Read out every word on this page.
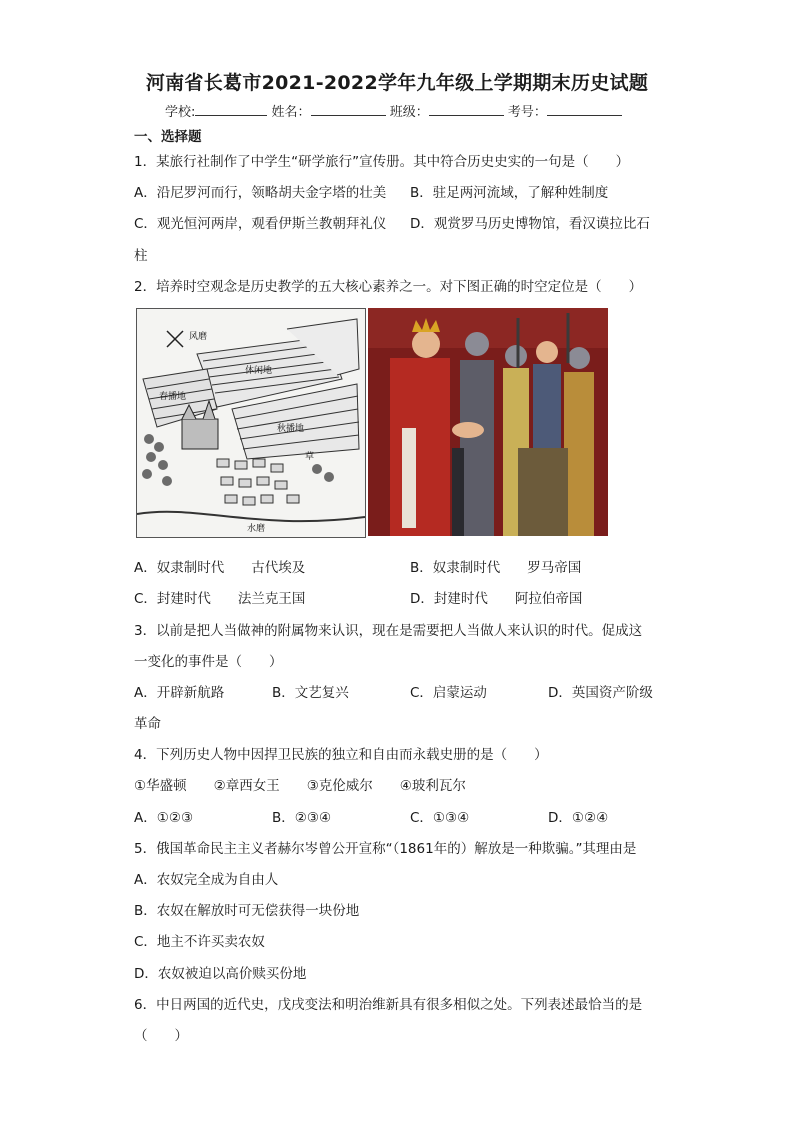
河南省长葛市2021-2022学年九年级上学期期末历史试题
学校:	姓名：	班级：	考号：
一、选择题
1．某旅行社制作了中学生“研学旅行”宣传册。其中符合历史史实的一句是（　　）
A．沿尼罗河而行，领略胡夫金字塔的壮美 B．驻足两河流域，了解种姓制度
C．观光恒河两岸，观看伊斯兰教朝拜礼仪 D．观赏罗马历史博物馆，看汉谟拉比石
柱
2．培养时空观念是历史教学的五大核心素养之一。对下图正确的时空定位是（　　）
风磨
休闲地
春播地
秋播地
草
水磨
A．奴隶制时代　　古代埃及	B．奴隶制时代　　罗马帝国
C．封建时代　　法兰克王国	D．封建时代　　阿拉伯帝国
3．以前是把人当做神的附属物来认识，现在是需要把人当做人来认识的时代。促成这
一变化的事件是（　　）
A．开辟新航路	B．文艺复兴	C．启蒙运动	D．英国资产阶级
革命
4．下列历史人物中因捍卫民族的独立和自由而永载史册的是（　　）
①华盛顿　　②章西女王　　③克伦威尔　　④玻利瓦尔
A．①②③	B．②③④	C．①③④	D．①②④
5．俄国革命民主主义者赫尔岑曾公开宣称“（1861年的）解放是一种欺骗。”其理由是
A．农奴完全成为自由人
B．农奴在解放时可无偿获得一块份地
C．地主不许买卖农奴
D．农奴被迫以高价赎买份地
6．中日两国的近代史，戊戌变法和明治维新具有很多相似之处。下列表述最恰当的是
（　　）
